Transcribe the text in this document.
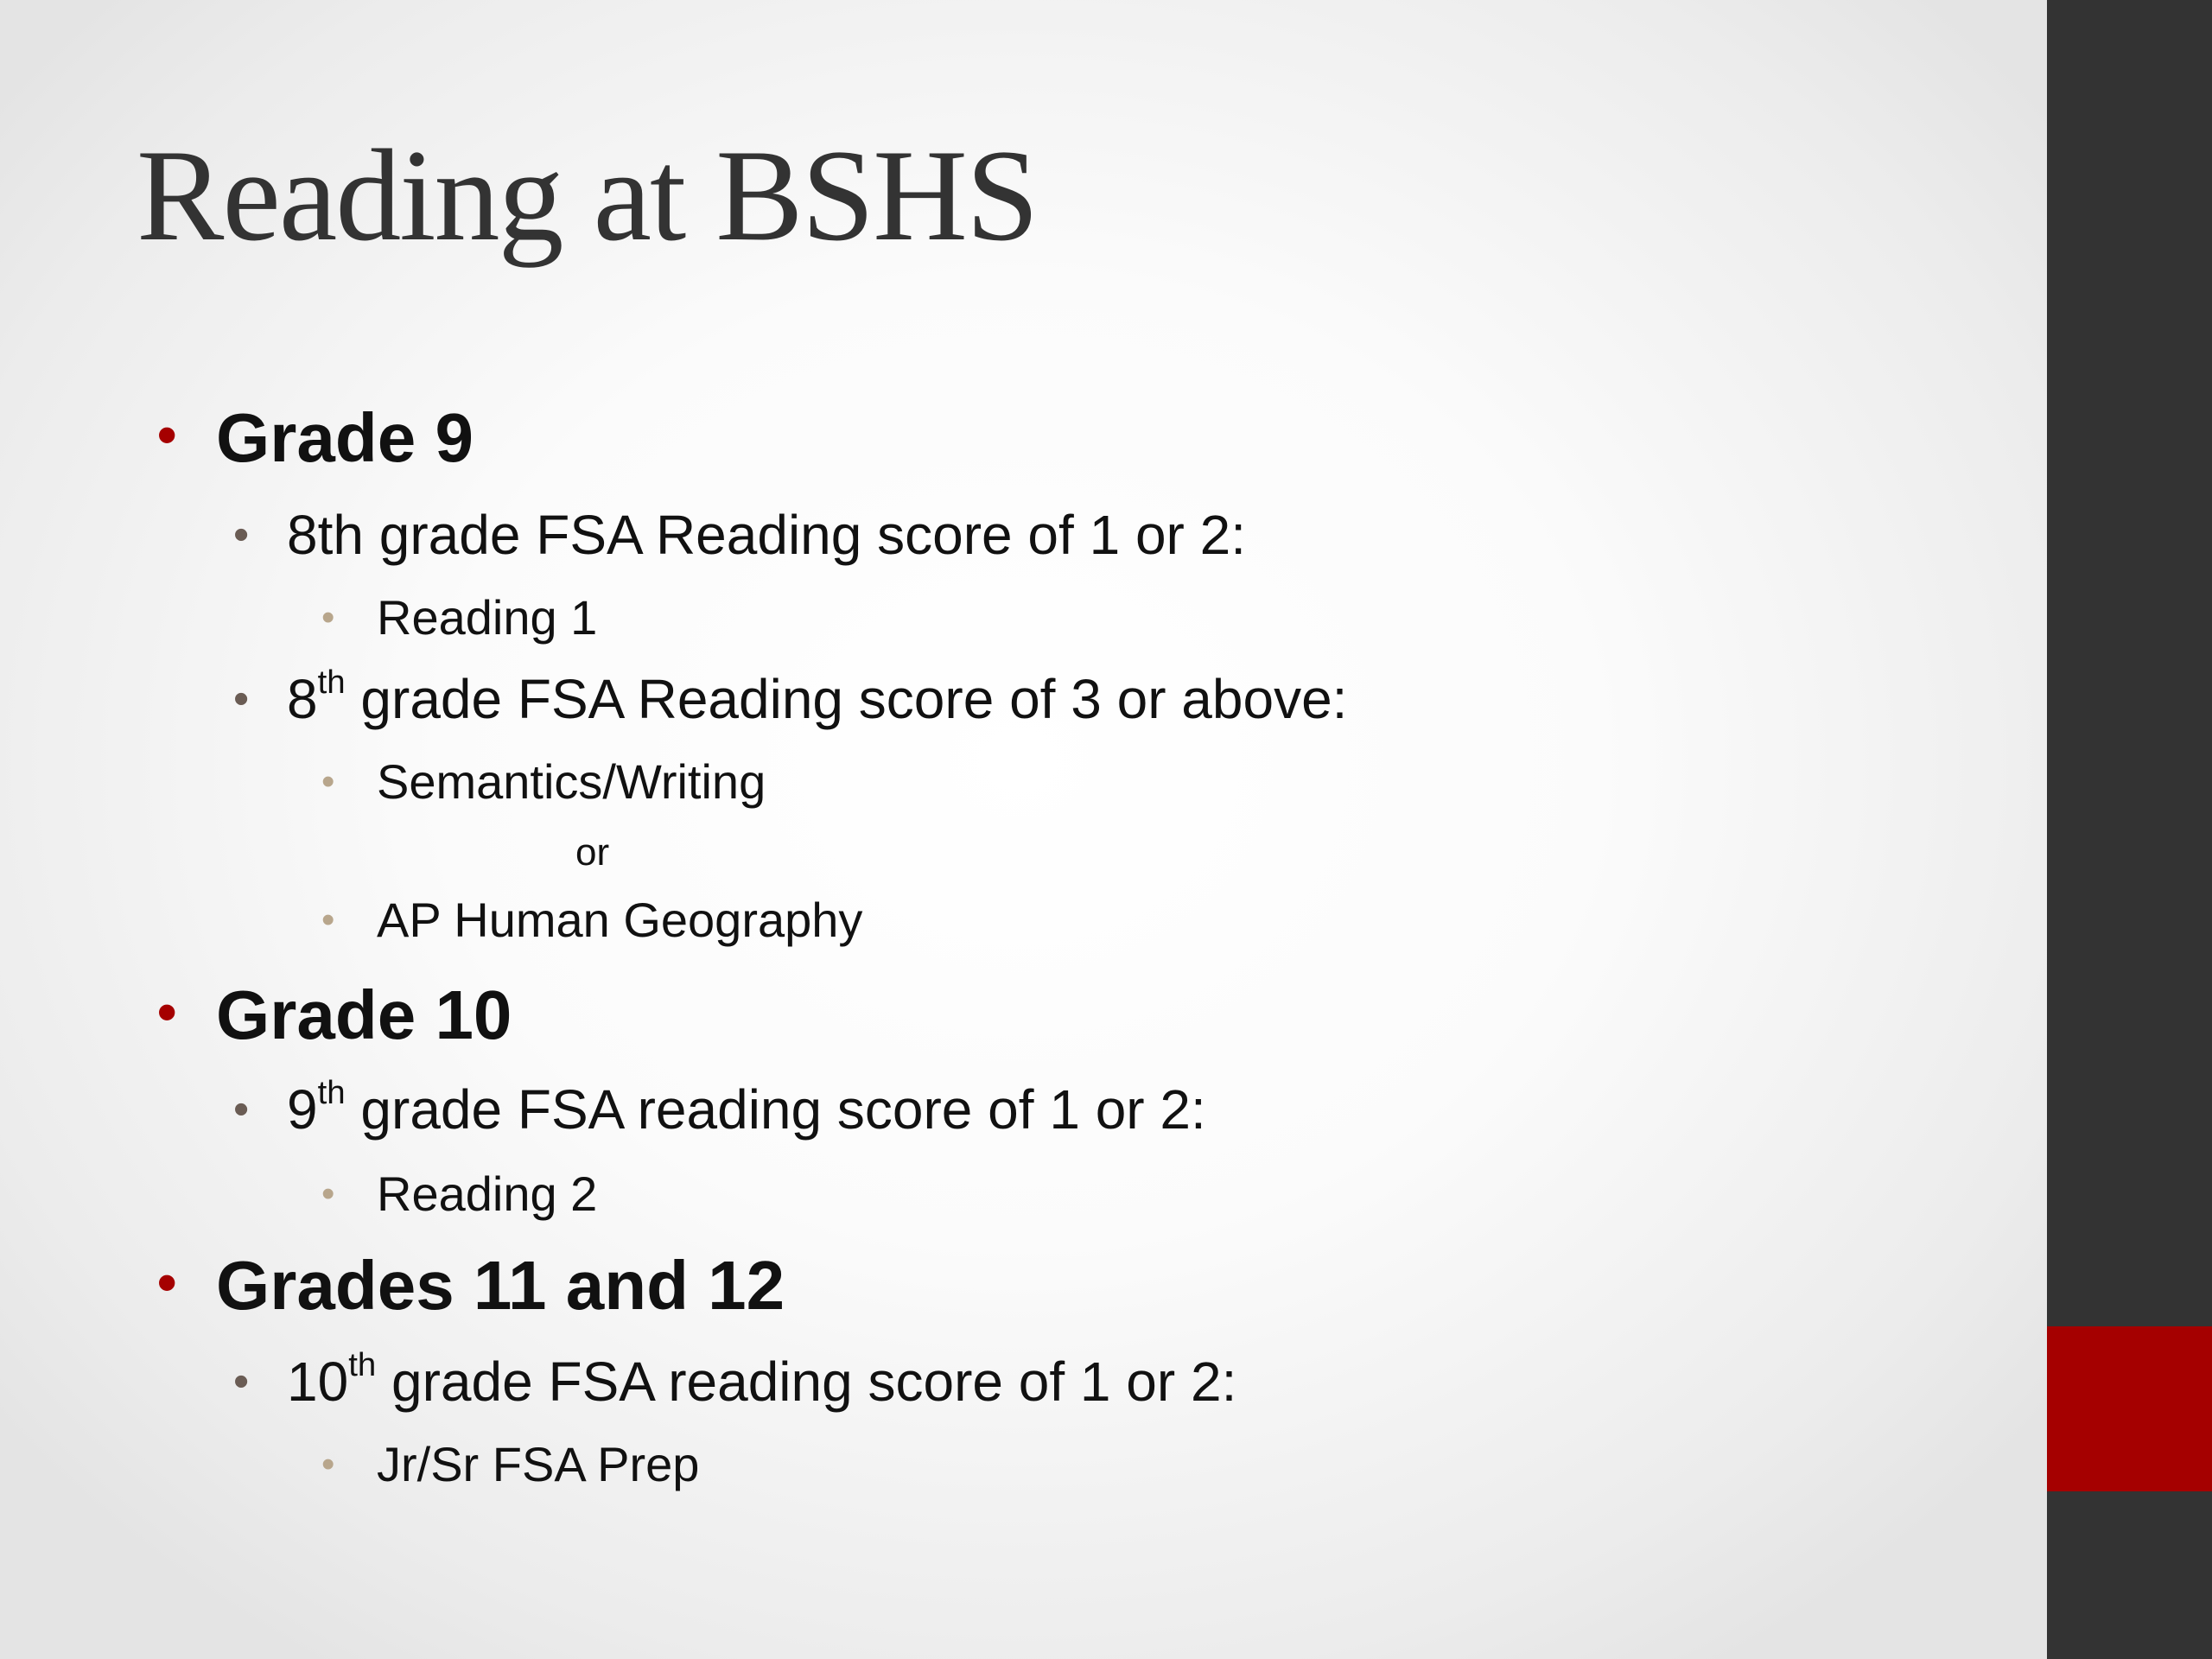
Reading at BSHS
• Grade 9
• 8th grade FSA Reading score of 1 or 2:
• Reading 1
• 8th grade FSA Reading score of 3 or above:
• Semantics/Writing
or
• AP Human Geography
• Grade 10
• 9th grade FSA reading score of 1 or 2:
• Reading 2
• Grades 11 and 12
• 10th grade FSA reading score of 1 or 2:
• Jr/Sr FSA Prep
